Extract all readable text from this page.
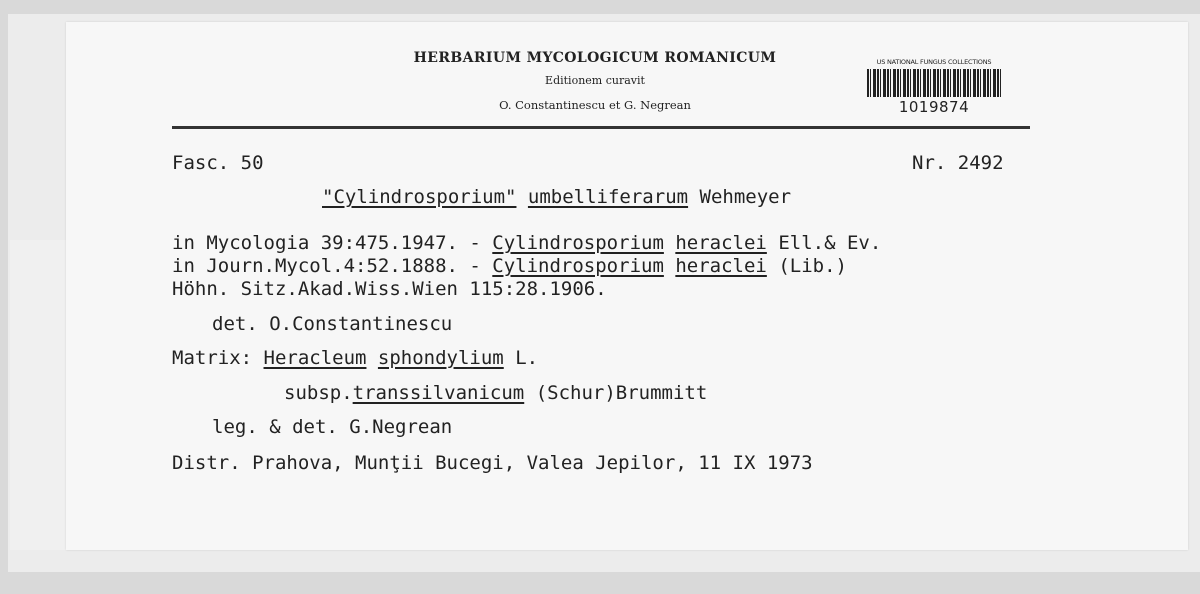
HERBARIUM MYCOLOGICUM ROMANICUM
Editionem curavit
O. Constantinescu et G. Negrean
US NATIONAL FUNGUS COLLECTIONS
1019874
Fasc. 50	Nr. 2492
"Cylindrosporium" umbelliferarum Wehmeyer
in Mycologia 39:475.1947. - Cylindrosporium heraclei Ell.& Ev.
in Journ.Mycol.4:52.1888. - Cylindrosporium heraclei (Lib.)
Höhn. Sitz.Akad.Wiss.Wien 115:28.1906.
det. O.Constantinescu
Matrix: Heracleum sphondylium L.
subsp.transsilvanicum (Schur)Brummitt
leg. & det. G.Negrean
Distr. Prahova, Munţii Bucegi, Valea Jepilor, 11 IX 1973
